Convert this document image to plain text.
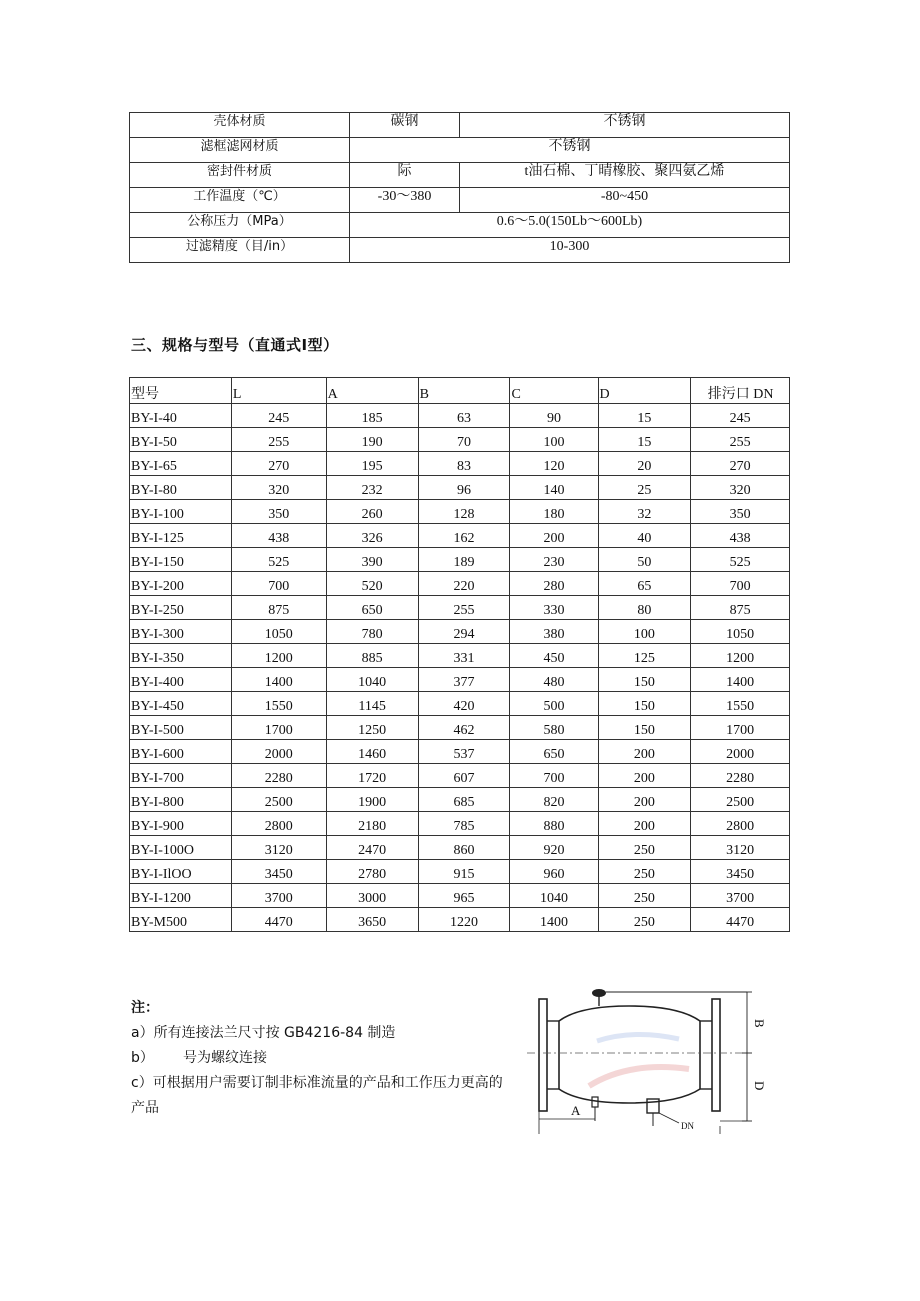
壳体材质	碳钢	不锈钢
滤框滤网材质	不锈钢	
密封件材质	际	t油石棉、丁晴橡胶、聚四氨乙烯
工作温度（℃）	-30～380	-80~450
公称压力（MPa）	0.6～5.0(150Lb～600Lb)	
过滤精度（目/in）	10-300	
三、规格与型号（直通式Ⅰ型）
型号	L	A	B	C	D	排污口 DN
BY-I-40	245	185	63	90	15	245
BY-I-50	255	190	70	100	15	255
BY-I-65	270	195	83	120	20	270
BY-I-80	320	232	96	140	25	320
BY-I-100	350	260	128	180	32	350
BY-I-125	438	326	162	200	40	438
BY-I-150	525	390	189	230	50	525
BY-I-200	700	520	220	280	65	700
BY-I-250	875	650	255	330	80	875
BY-I-300	1050	780	294	380	100	1050
BY-I-350	1200	885	331	450	125	1200
BY-I-400	1400	1040	377	480	150	1400
BY-I-450	1550	1145	420	500	150	1550
BY-I-500	1700	1250	462	580	150	1700
BY-I-600	2000	1460	537	650	200	2000
BY-I-700	2280	1720	607	700	200	2280
BY-I-800	2500	1900	685	820	200	2500
BY-I-900	2800	2180	785	880	200	2800
BY-I-100O	3120	2470	860	920	250	3120
BY-I-IlOO	3450	2780	915	960	250	3450
BY-I-1200	3700	3000	965	1040	250	3700
BY-M500	4470	3650	1220	1400	250	4470
注：
a）所有连接法兰尺寸按 GB4216-84 制造
b） 号为螺纹连接
c）可根据用户需要订制非标准流量的产品和工作压力更高的产品	A
B
D
DN
